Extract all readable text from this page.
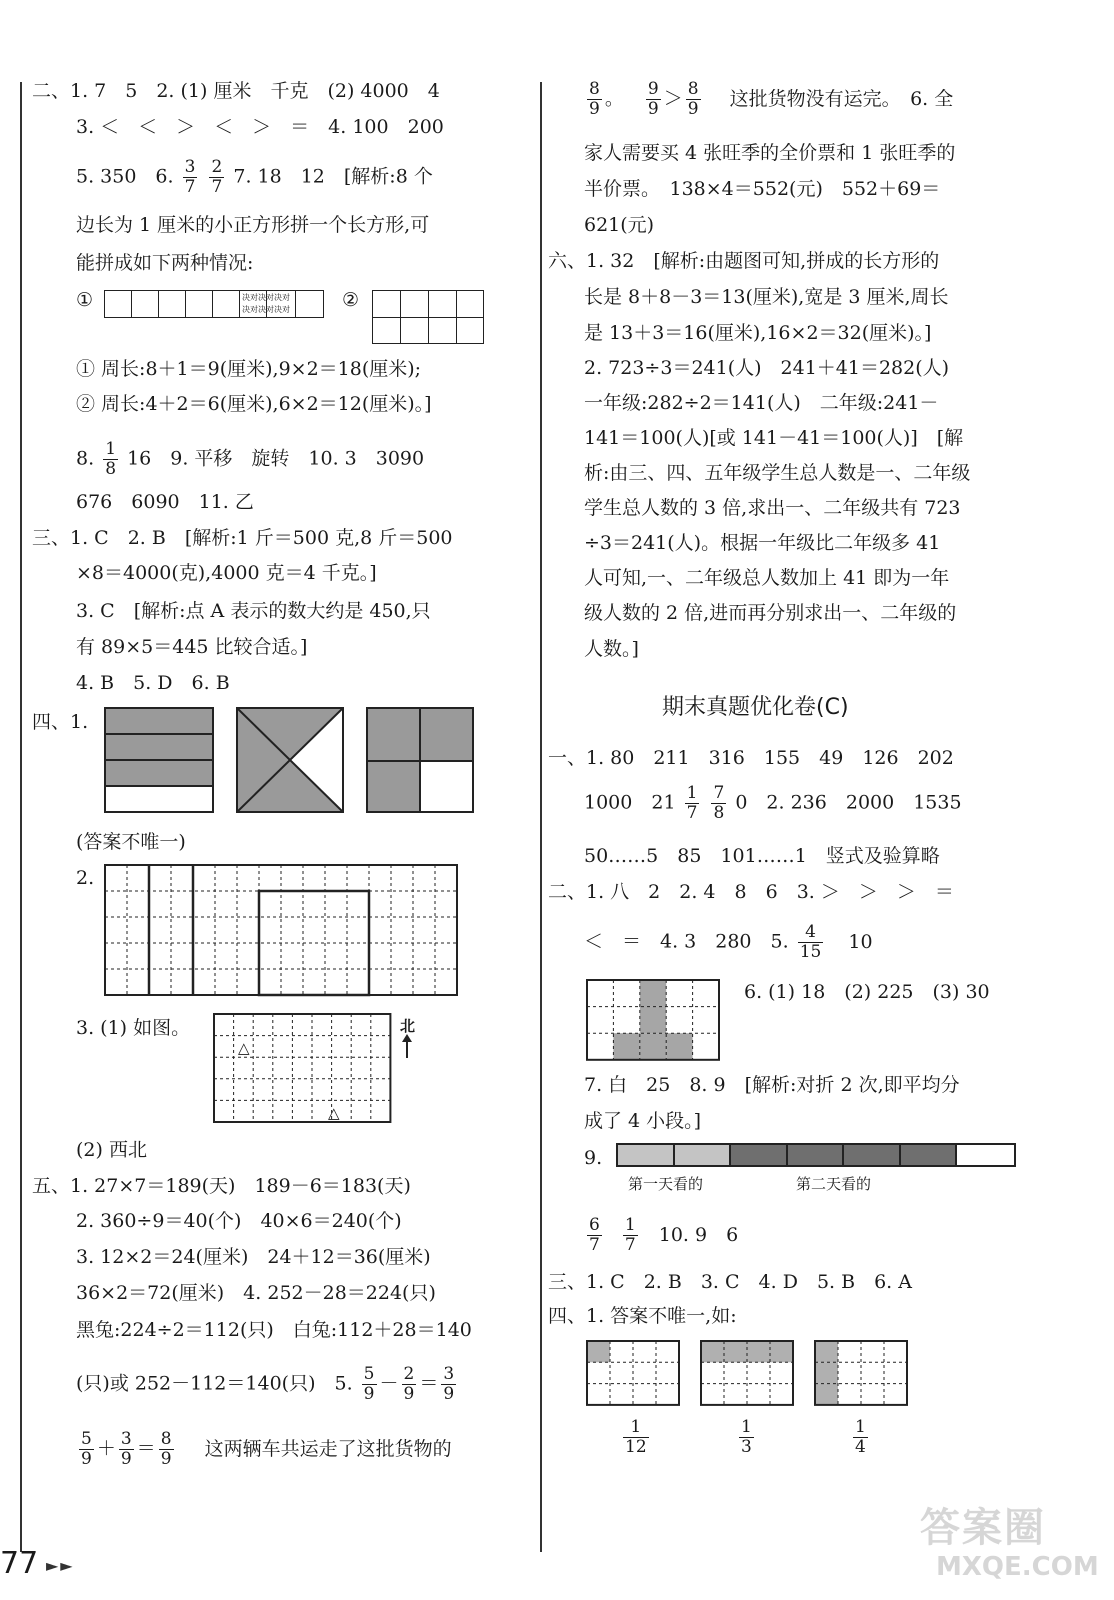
二、1. 7　5　2. (1) 厘米　千克　(2) 4000　4
3. ＜　＜　＞　＜　＞　＝　4. 100　200
5. 350　6. $\frac{3}{7}$
$\frac{2}{7} 7$. 18　12　[解析:8 个
边长为 1 厘米的小正方形拼一个长方形,可
能拼成如下两种情况:
①	决对决对决对
决对决对决对	②
① 周长:8＋1＝9(厘米),9×2＝18(厘米);
② 周长:4＋2＝6(厘米),6×2＝12(厘米)。]
8. $\frac{1}{8} 16$　9. 平移　旋转　10. 3　3090
676　6090　11. 乙
三、1. C　2. B　[解析:1 斤＝500 克,8 斤＝500
×8＝4000(克),4000 克＝4 千克。]
3. C　[解析:点 A 表示的数大约是 450,只
有 89×5＝445 比较合适。]
4. B　5. D　6. B
四、1.
(答案不唯一)
2.
3. (1) 如图。	北
△
△
(2) 西北
五、1. 27×7＝189(天)　189－6＝183(天)
2. 360÷9＝40(个)　40×6＝240(个)
3. 12×2＝24(厘米)　24＋12＝36(厘米)
36×2＝72(厘米)　4. 252－28＝224(只)
黑兔:224÷2＝112(只)　白兔:112＋28＝140
(只)或 252－112＝140(只)　5. $\frac{5}{9} - \frac{2}{9} = \frac{3}{9}$
$\frac{5}{9} + \frac{3}{9} = \frac{8}{9}$ 这两辆车共运走了这批货物的
77 ►►
$\frac{8}{9}$ 。 $\frac{9}{9} > \frac{8}{9}$ 这批货物没有运完。　6. 全
家人需要买 4 张旺季的全价票和 1 张旺季的
半价票。　138×4＝552(元)　552＋69＝
621(元)
六、1. 32　[解析:由题图可知,拼成的长方形的
长是 8＋8－3＝13(厘米),宽是 3 厘米,周长
是 13＋3＝16(厘米),16×2＝32(厘米)。]
2. 723÷3＝241(人)　241＋41＝282(人)
一年级:282÷2＝141(人)　二年级:241－
141＝100(人)[或 141－41＝100(人)]　[解
析:由三、四、五年级学生总人数是一、二年级
学生总人数的 3 倍,求出一、二年级共有 723
÷3＝241(人)。根据一年级比二年级多 41
人可知,一、二年级总人数加上 41 即为一年
级人数的 2 倍,进而再分别求出一、二年级的
人数。]
期末真题优化卷(C)
一、1. 80　211　316　155　49　126　202
1000　$21 \frac{1}{7}$
$\frac{7}{8} 0$　2. 236　2000　1535
50……5　85　101……1　竖式及验算略
二、1. 八　2　2. 4　8　6　3. ＞　＞　＞　＝
＜　＝　4. 3　280　5. $\frac{4}{15} 10$
6. (1) 18　(2) 225　(3) 30
7. 白　25　8. 9　[解析:对折 2 次,即平均分
成了 4 小段。]
9.
第一天看的	第二天看的
$\frac{6}{7}$
$\frac{1}{7} 10$. 9　6
三、1. C　2. B　3. C　4. D　5. B　6. A
四、1. 答案不唯一,如:
$\frac{1}{12}$	$\frac{1}{3}$	$\frac{1}{4}$
答案圈
MXQE.COM
